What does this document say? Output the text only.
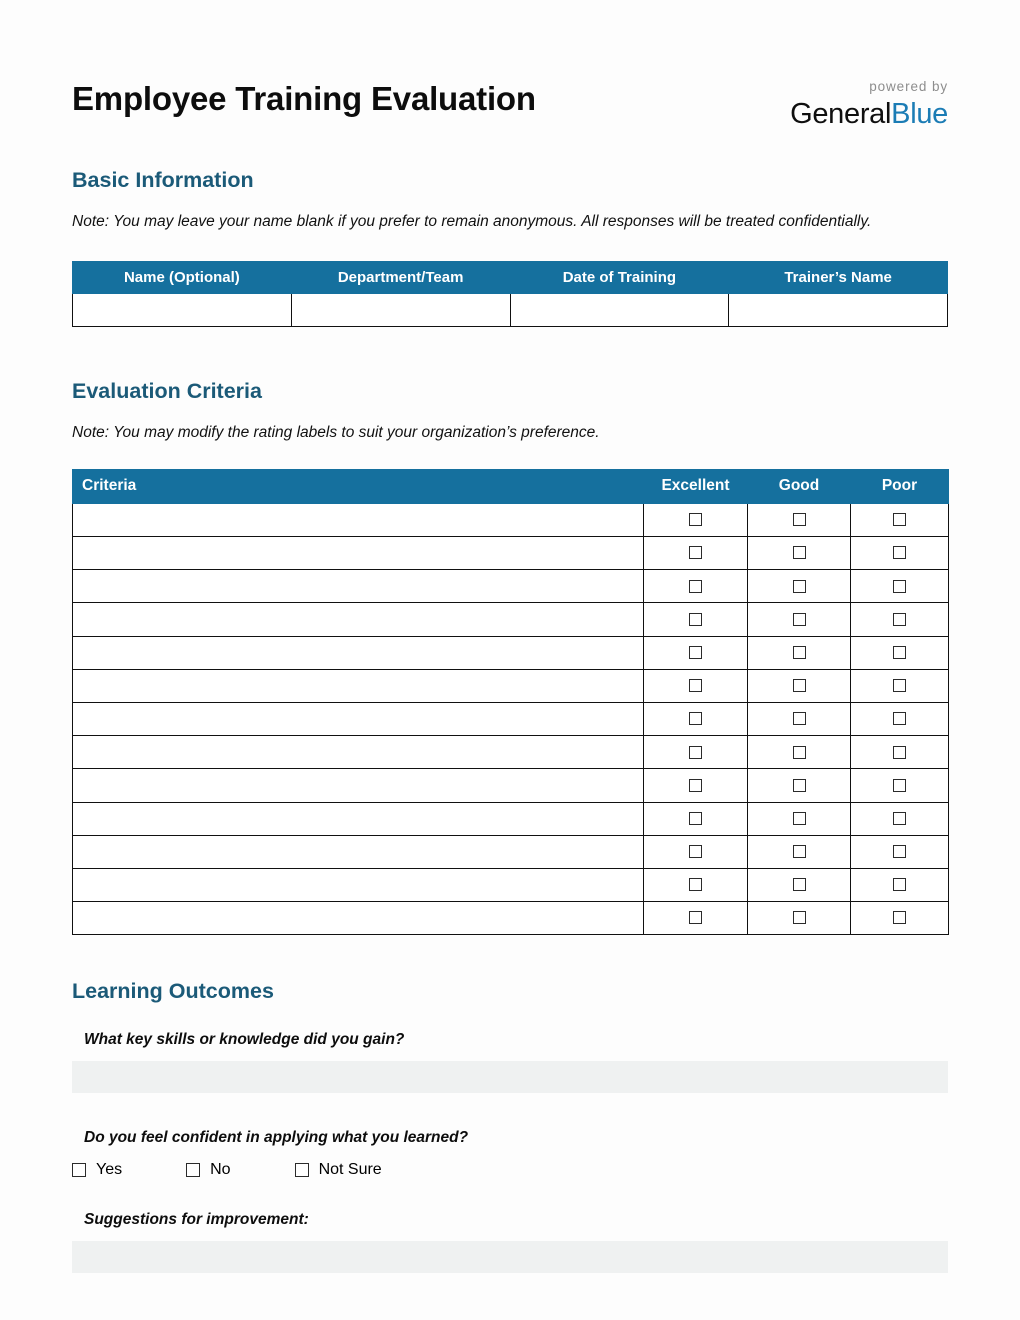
Employee Training Evaluation	powered by
GeneralBlue
Basic Information

Note: You may leave your name blank if you prefer to remain anonymous. All responses will be treated confidentially.

Name (Optional)	Department/Team	Date of Training	Trainer’s Name

Evaluation Criteria

Note: You may modify the rating labels to suit your organization’s preference.

Criteria	Excellent	Good	Poor

Learning Outcomes
What key skills or knowledge did you gain?
Do you feel confident in applying what you learned?
Yes	No	Not Sure
Suggestions for improvement:
